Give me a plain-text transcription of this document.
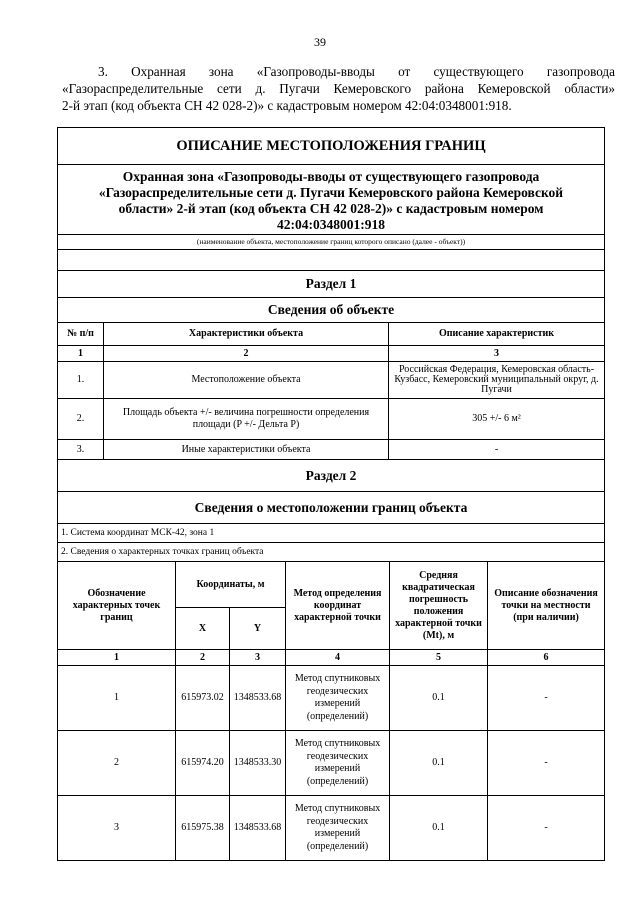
39
3. Охранная зона «Газопроводы-вводы от существующего газопровода
«Газораспределительные сети д. Пугачи Кемеровского района Кемеровской области»
2-й этап (код объекта СН 42 028-2)» с кадастровым номером 42:04:0348001:918.
ОПИСАНИЕ МЕСТОПОЛОЖЕНИЯ ГРАНИЦ
Охранная зона «Газопроводы-вводы от существующего газопровода
«Газораспределительные сети д. Пугачи Кемеровского района Кемеровской
области» 2-й этап (код объекта СН 42 028-2)» с кадастровым номером
42:04:0348001:918
(наименование объекта, местоположение границ которого описано (далее - объект))
Раздел 1
Сведения об объекте
№ п/п	Характеристики объекта	Описание характеристик
1	2	3
1.	Местоположение объекта	Российская Федерация, Кемеровская область-Кузбасс, Кемеровский муниципальный округ, д. Пугачи
2.	Площадь объекта +/- величина погрешности определения площади (P +/- Дельта P)	305 +/- 6 м²
3.	Иные характеристики объекта	-
Раздел 2
Сведения о местоположении границ объекта
1. Система координат МСК-42, зона 1
2. Сведения о характерных точках границ объекта
Обозначение характерных точек границ	Координаты, м		Метод определения координат характерной точки	Средняя квадратическая погрешность положения характерной точки (Mt), м	Описание обозначения точки на местности (при наличии)
	X	Y			
1	2	3	4	5	6
1	615973.02	1348533.68	Метод спутниковых геодезических измерений (определений)	0.1	-
2	615974.20	1348533.30	Метод спутниковых геодезических измерений (определений)	0.1	-
3	615975.38	1348533.68	Метод спутниковых геодезических измерений (определений)	0.1	-
